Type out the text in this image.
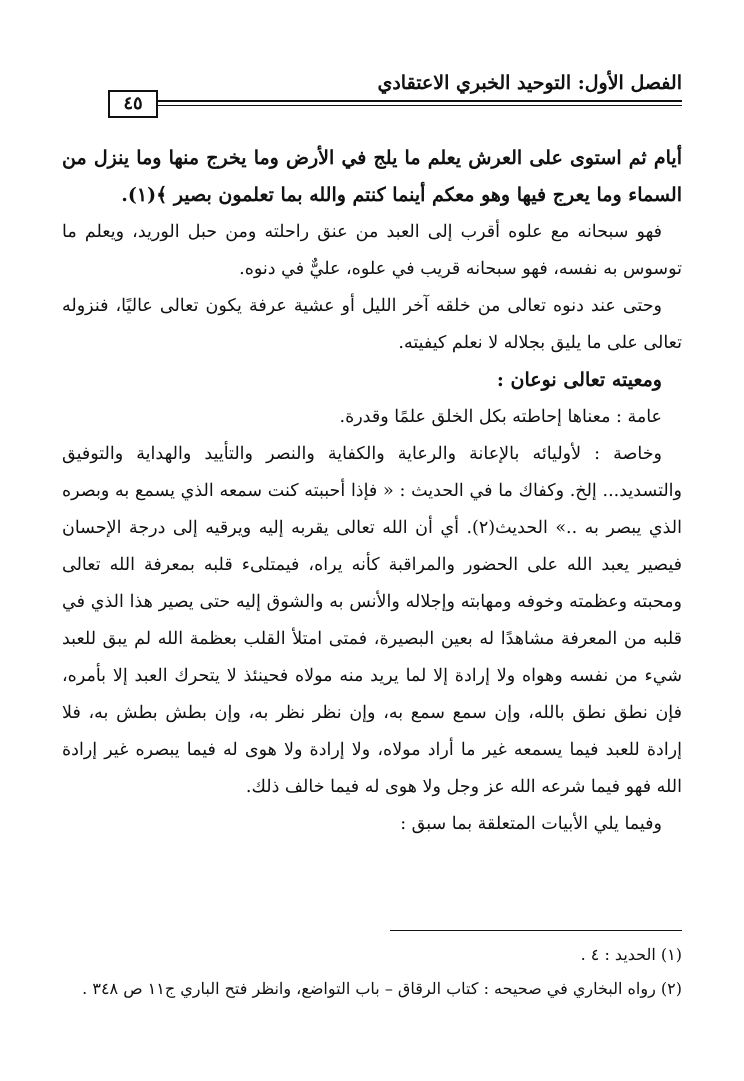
الفصل الأول: التوحيد الخبري الاعتقادي
٤٥

أيام ثم استوى على العرش يعلم ما يلج في الأرض وما يخرج منها وما ينزل من السماء وما يعرج فيها وهو معكم أينما كنتم والله بما تعلمون بصير ﴾(١).

فهو سبحانه مع علوه أقرب إلى العبد من عنق راحلته ومن حبل الوريد، ويعلم ما توسوس به نفسه، فهو سبحانه قريب في علوه، عليٌّ في دنوه.

وحتى عند دنوه تعالى من خلقه آخر الليل أو عشية عرفة يكون تعالى عاليًا، فنزوله تعالى على ما يليق بجلاله لا نعلم كيفيته.

ومعيته تعالى نوعان :

عامة : معناها إحاطته بكل الخلق علمًا وقدرة.

وخاصة : لأوليائه بالإعانة والرعاية والكفاية والنصر والتأييد والهداية والتوفيق والتسديد... إلخ. وكفاك ما في الحديث : « فإذا أحببته كنت سمعه الذي يسمع به وبصره الذي يبصر به ..» الحديث(٢). أي أن الله تعالى يقربه إليه ويرقيه إلى درجة الإحسان فيصير يعبد الله على الحضور والمراقبة كأنه يراه، فيمتلىء قلبه بمعرفة الله تعالى ومحبته وعظمته وخوفه ومهابته وإجلاله والأنس به والشوق إليه حتى يصير هذا الذي في قلبه من المعرفة مشاهدًا له بعين البصيرة، فمتى امتلأ القلب بعظمة الله لم يبق للعبد شيء من نفسه وهواه ولا إرادة إلا لما يريد منه مولاه فحينئذ لا يتحرك العبد إلا بأمره، فإن نطق نطق بالله، وإن سمع سمع به، وإن نظر نظر به، وإن بطش بطش به، فلا إرادة للعبد فيما يسمعه غير ما أراد مولاه، ولا إرادة ولا هوى له فيما يبصره غير إرادة الله فهو فيما شرعه الله عز وجل ولا هوى له فيما خالف ذلك.

وفيما يلي الأبيات المتعلقة بما سبق :

(١) الحديد : ٤ .

(٢) رواه البخاري في صحيحه : كتاب الرقاق – باب التواضع، وانظر فتح الباري ج١١ ص ٣٤٨ .
